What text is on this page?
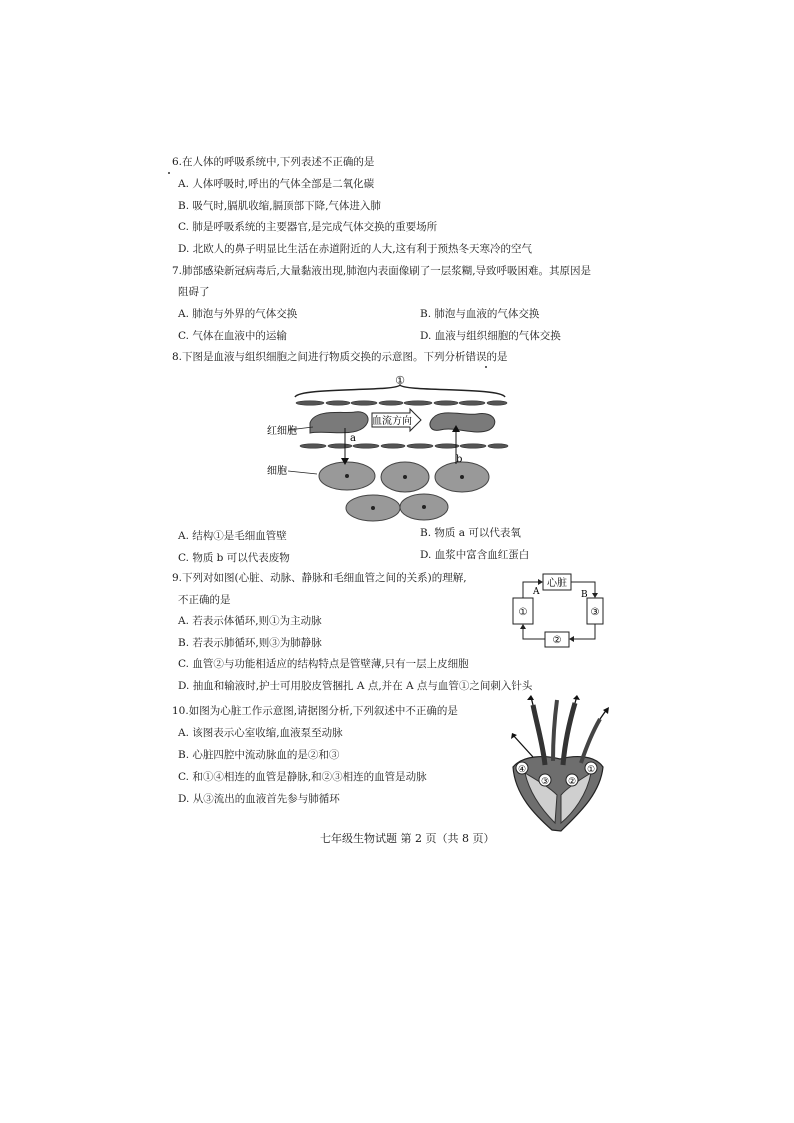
6.在人体的呼吸系统中,下列表述不正确的是
A. 人体呼吸时,呼出的气体全部是二氧化碳
B. 吸气时,膈肌收缩,膈顶部下降,气体进入肺
C. 肺是呼吸系统的主要器官,是完成气体交换的重要场所
D. 北欧人的鼻子明显比生活在赤道附近的人大,这有利于预热冬天寒冷的空气
7.肺部感染新冠病毒后,大量黏液出现,肺泡内表面像刷了一层浆糊,导致呼吸困难。其原因是
阻碍了
A. 肺泡与外界的气体交换	B. 肺泡与血液的气体交换
C. 气体在血液中的运输	D. 血液与组织细胞的气体交换
8.下图是血液与组织细胞之间进行物质交换的示意图。下列分析错误的是
①
血流方向
红细胞
细胞
a
b
A. 结构①是毛细血管壁	B. 物质 a 可以代表氧
C. 物质 b 可以代表废物	D. 血浆中富含血红蛋白
9.下列对如图(心脏、动脉、静脉和毛细血管之间的关系)的理解,
不正确的是
A. 若表示体循环,则①为主动脉
B. 若表示肺循环,则③为肺静脉
C. 血管②与功能相适应的结构特点是管壁薄,只有一层上皮细胞
D. 抽血和输液时,护士可用胶皮管捆扎 A 点,并在 A 点与血管①之间刺入针头
心脏
①	③
②
A	B
10.如图为心脏工作示意图,请据图分析,下列叙述中不正确的是
A. 该图表示心室收缩,血液泵至动脉
B. 心脏四腔中流动脉血的是②和③
C. 和①④相连的血管是静脉,和②③相连的血管是动脉
D. 从③流出的血液首先参与肺循环
④
③ ②
①
七年级生物试题 第 2 页（共 8 页）
